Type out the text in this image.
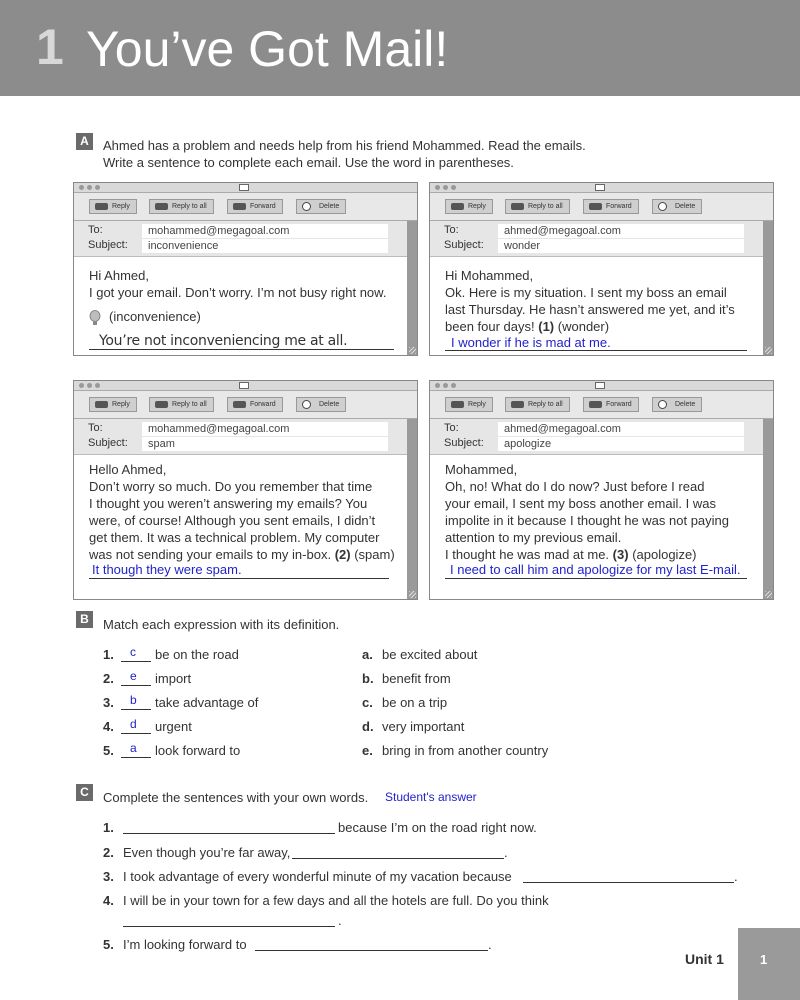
1 You’ve Got Mail!
A	Ahmed has a problem and needs help from his friend Mohammed. Read the emails.
Write a sentence to complete each email. Use the word in parentheses.
Reply	Reply to all	Forward	Delete
To:	mohammed@megagoal.com
Subject:	inconvenience
Hi Ahmed,
I got your email. Don’t worry. I’m not busy right now.
(inconvenience)
You’re not inconveniencing me at all.
Reply	Reply to all	Forward	Delete
To:	ahmed@megagoal.com
Subject:	wonder
Hi Mohammed,
Ok. Here is my situation. I sent my boss an email
last Thursday. He hasn’t answered me yet, and it’s
been four days! (1) (wonder)
I wonder if he is mad at me.
Reply	Reply to all	Forward	Delete
To:	mohammed@megagoal.com
Subject:	spam
Hello Ahmed,
Don’t worry so much. Do you remember that time
I thought you weren’t answering my emails? You
were, of course! Although you sent emails, I didn’t
get them. It was a technical problem. My computer
was not sending your emails to my in-box. (2) (spam)
It though they were spam.
Reply	Reply to all	Forward	Delete
To:	ahmed@megagoal.com
Subject:	apologize
Mohammed,
Oh, no! What do I do now? Just before I read
your email, I sent my boss another email. I was
impolite in it because I thought he was not paying
attention to my previous email.
I thought he was mad at me. (3) (apologize)
I need to call him and apologize for my last E-mail.
B	Match each expression with its definition.
1. c be on the road
2. e import
3. b take advantage of
4. d urgent
5. a look forward to
a. be excited about
b. benefit from
c. be on a trip
d. very important
e. bring in from another country
C	Complete the sentences with your own words. Student's answer
1.	because I’m on the road right now.
2. Even though you’re far away,	.
3. I took advantage of every wonderful minute of my vacation because	.
4. I will be in your town for a few days and all the hotels are full. Do you think
.
5. I’m looking forward to	.
Unit 1	1
